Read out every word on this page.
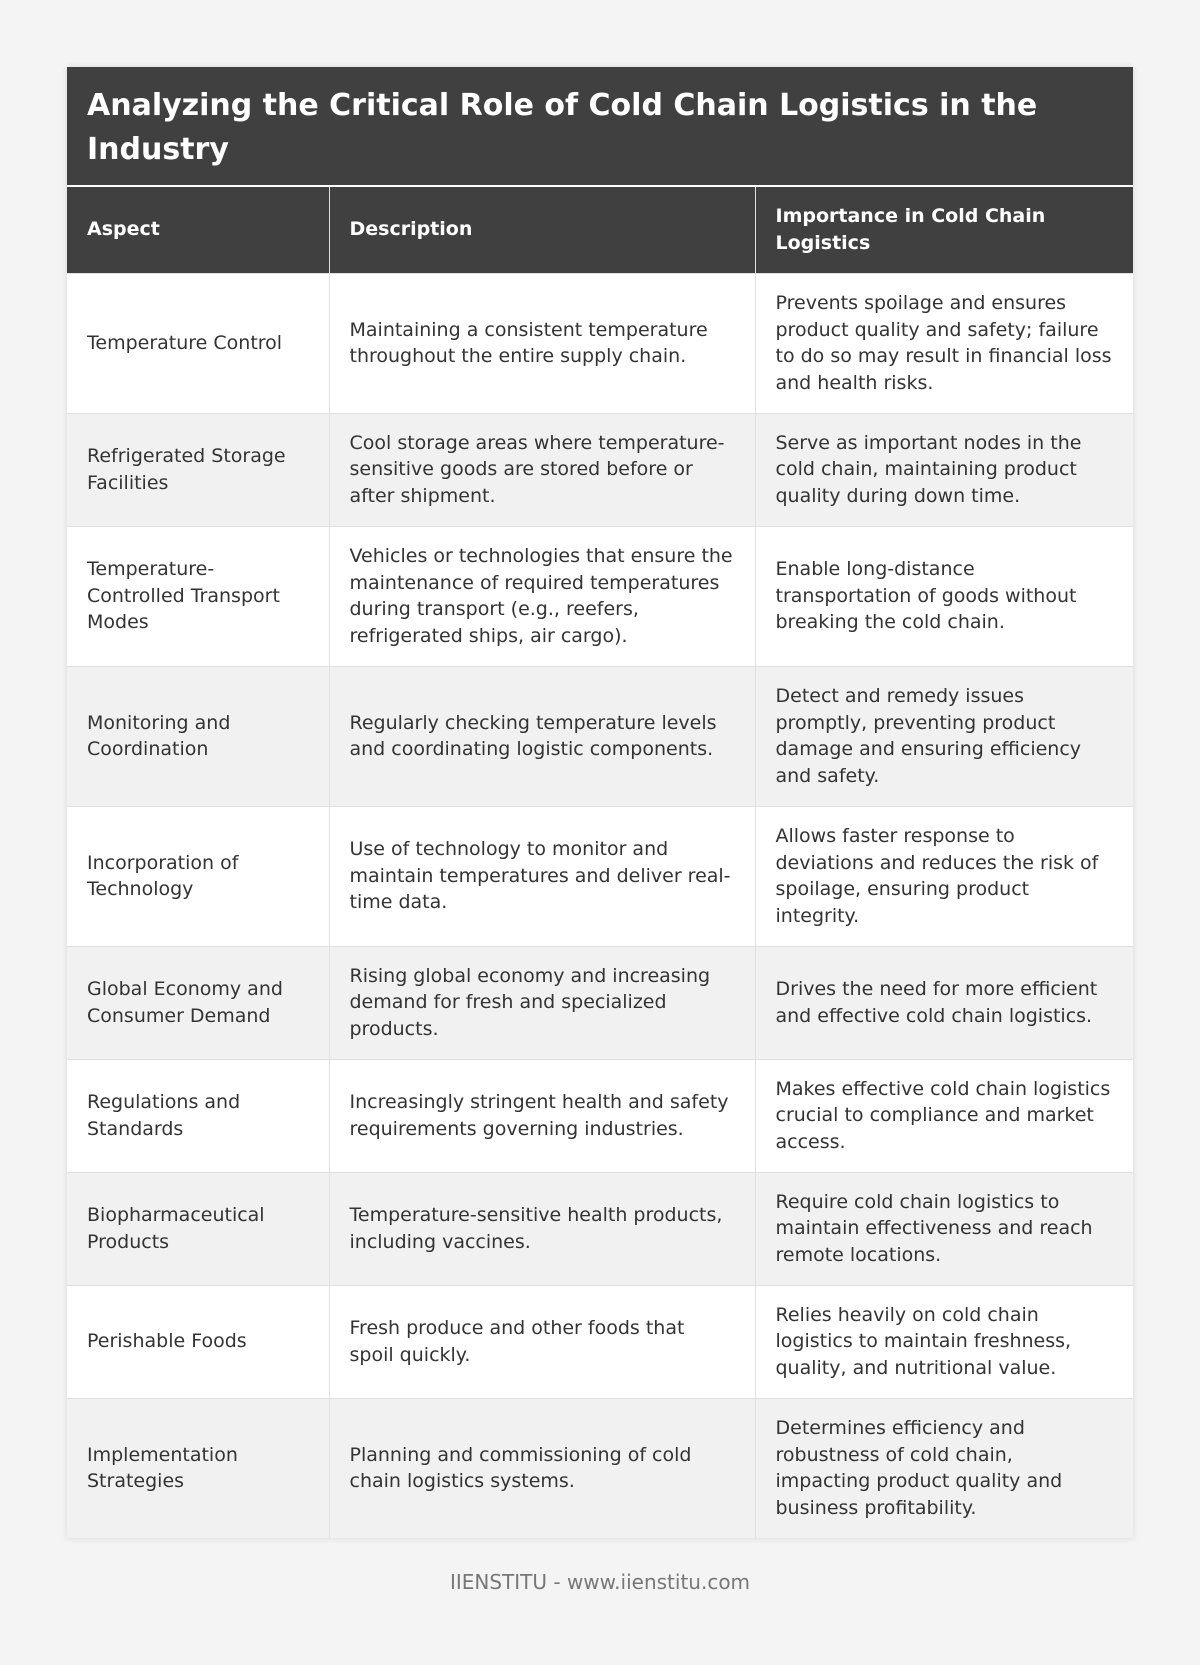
Analyzing the Critical Role of Cold Chain Logistics in the Industry
Aspect	Description	Importance in Cold Chain Logistics
Temperature Control	Maintaining a consistent temperature throughout the entire supply chain.	Prevents spoilage and ensures product quality and safety; failure to do so may result in financial loss and health risks.
Refrigerated Storage Facilities	Cool storage areas where temperature-sensitive goods are stored before or after shipment.	Serve as important nodes in the cold chain, maintaining product quality during down time.
Temperature-Controlled Transport Modes	Vehicles or technologies that ensure the maintenance of required temperatures during transport (e.g., reefers, refrigerated ships, air cargo).	Enable long-distance transportation of goods without breaking the cold chain.
Monitoring and Coordination	Regularly checking temperature levels and coordinating logistic components.	Detect and remedy issues promptly, preventing product damage and ensuring efficiency and safety.
Incorporation of Technology	Use of technology to monitor and maintain temperatures and deliver real-time data.	Allows faster response to deviations and reduces the risk of spoilage, ensuring product integrity.
Global Economy and Consumer Demand	Rising global economy and increasing demand for fresh and specialized products.	Drives the need for more efficient and effective cold chain logistics.
Regulations and Standards	Increasingly stringent health and safety requirements governing industries.	Makes effective cold chain logistics crucial to compliance and market access.
Biopharmaceutical Products	Temperature-sensitive health products, including vaccines.	Require cold chain logistics to maintain effectiveness and reach remote locations.
Perishable Foods	Fresh produce and other foods that spoil quickly.	Relies heavily on cold chain logistics to maintain freshness, quality, and nutritional value.
Implementation Strategies	Planning and commissioning of cold chain logistics systems.	Determines efficiency and robustness of cold chain, impacting product quality and business profitability.
IIENSTITU - www.iienstitu.com
